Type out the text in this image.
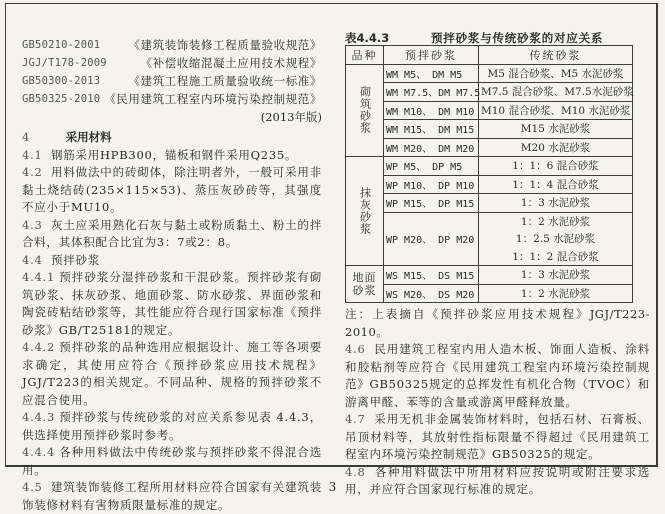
GB50210-2001 《建筑装饰装修工程质量验收规范》
JGJ/T178-2009	《补偿收缩混凝土应用技术规程》
GB50300-2013 《建筑工程施工质量验收统一标准》
GB50325-2010 《民用建筑工程室内环境污染控制规范》
(2013年版)
4	采用材料

4.1 钢筋采用HPB300，锚板和钢件采用Q235。

4.2 用料做法中的砖砌体，除注明者外，一般可采用非黏土烧结砖(235×115×53)、蒸压灰砂砖等，其强度不应小于MU10。

4.3 灰土应采用熟化石灰与黏土或粉质黏土、粉土的拌合料，其体积配合比宜为3：7或2：8。

4.4 预拌砂浆

4.4.1 预拌砂浆分湿拌砂浆和干混砂浆。预拌砂浆有砌筑砂浆、抹灰砂浆、地面砂浆、防水砂浆、界面砂浆和陶瓷砖粘结砂浆等，其性能应符合现行国家标准《预拌砂浆》GB/T25181的规定。

4.4.2 预拌砂浆的品种选用应根据设计、施工等各项要求确定，其使用应符合《预拌砂浆应用技术规程》JGJ/T223的相关规定。不同品种、规格的预拌砂浆不应混合使用。

4.4.3 预拌砂浆与传统砂浆的对应关系参见表 4.4.3，供选择使用预拌砂浆时参考。

4.4.4 各种用料做法中传统砂浆与预拌砂浆不得混合选用。

4.5 建筑装饰装修工程所用材料应符合国家有关建筑装饰装修材料有害物质限量标准的规定。

表4.4.3	预拌砂浆与传统砂浆的对应关系
品种	预拌砂浆	传统砂浆
砌筑砂浆	WM M5、 DM M5	M5 混合砂浆、M5 水泥砂浆
	WM M7.5、DM M7.5	M7.5 混合砂浆、M7.5水泥砂浆
	WM M10、 DM M10	M10 混合砂浆、M10 水泥砂浆
	WM M15、 DM M15	M15 水泥砂浆
	WM M20、 DM M20	M20 水泥砂浆
抹灰砂浆	WP M5、 DP M5	1：1：6 混合砂浆
	WP M10、 DP M10	1：1：4 混合砂浆
	WP M15、 DP M15	1：3 水泥砂浆
	WP M20、 DP M20	1：2 水泥砂浆
		1：2.5 水泥砂浆
		1：1：2 混合砂浆
地面砂浆	WS M15、 DS M15	1：3 水泥砂浆
	WS M20、 DS M20	1：2 水泥砂浆

注：上表摘自《预拌砂浆应用技术规程》JGJ/T223-2010。

4.6 民用建筑工程室内用人造木板、饰面人造板、涂料和胶粘剂等应符合《民用建筑工程室内环境污染控制规范》GB50325规定的总挥发性有机化合物（TVOC）和游离甲醛、苯等的含量或游离甲醛释放量。

4.7 采用无机非金属装饰材料时，包括石材、石膏板、吊顶材料等，其放射性指标限量不得超过《民用建筑工程室内环境污染控制规范》GB50325的规定。

4.8 各种用料做法中所用材料应按说明或附注要求选用，并应符合国家现行标准的规定。

3
